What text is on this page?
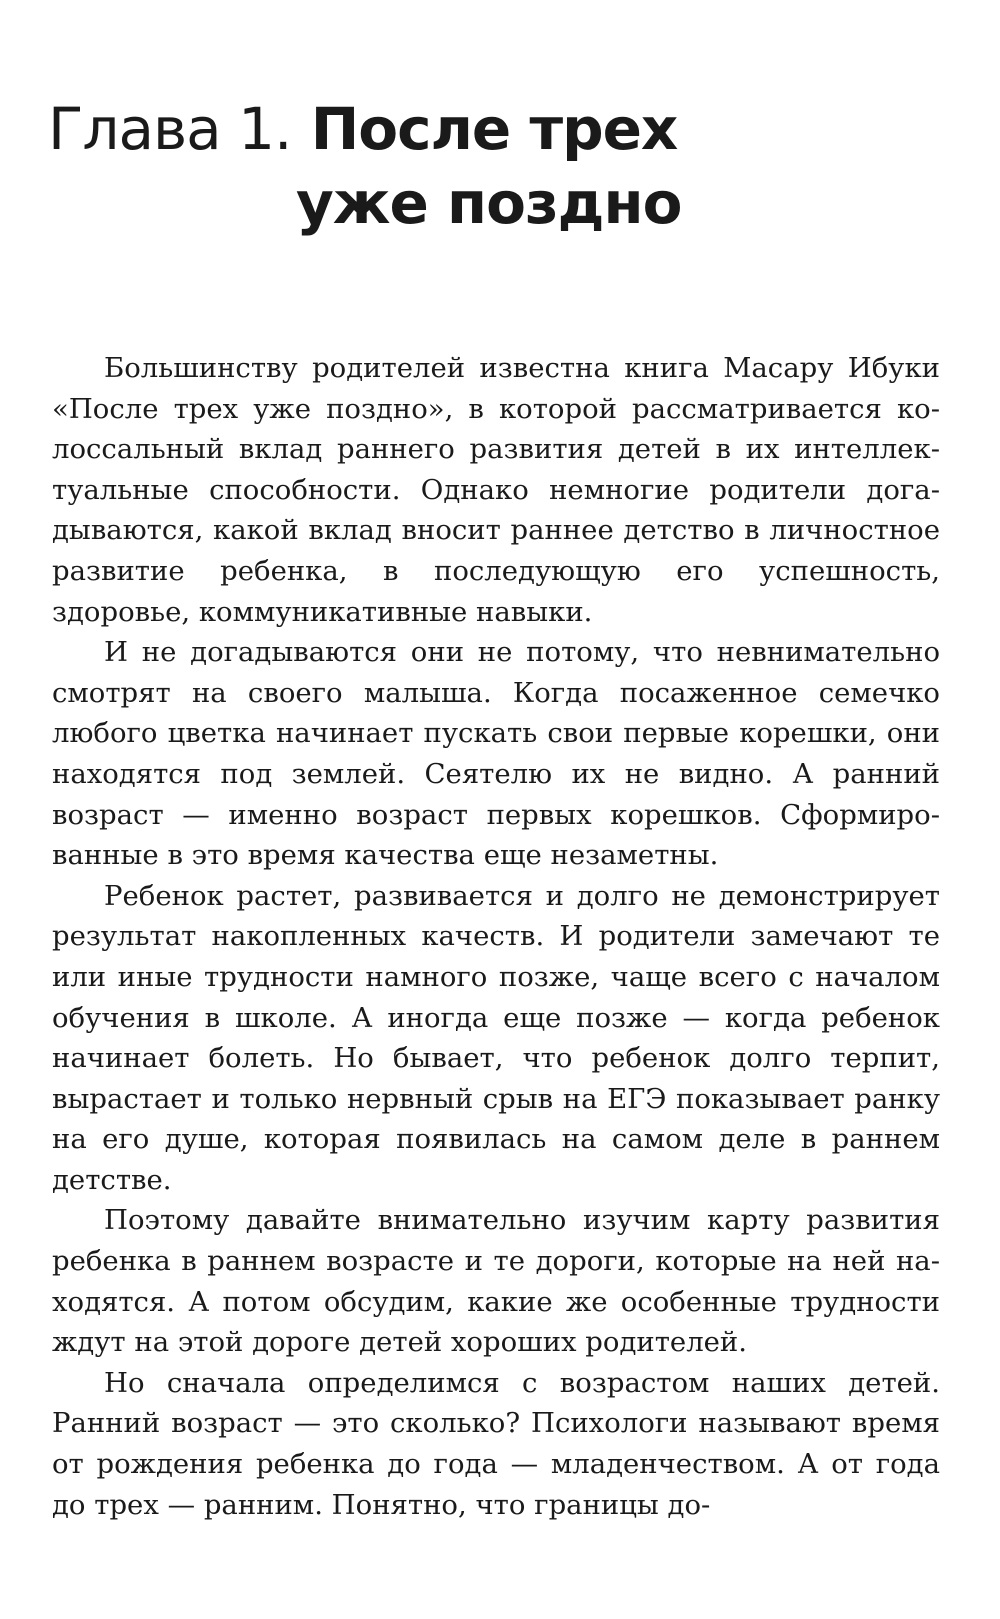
Глава 1. После трех
уже поздно

Большинству родителей известна книга Масару Ибуки «После трех уже поздно», в которой рассматривается колоссальный вклад раннего развития детей в их интеллектуальные способности. Однако немногие родители догадываются, какой вклад вносит раннее детство в личностное развитие ребенка, в последующую его успешность, здоровье, коммуникативные навыки.

И не догадываются они не потому, что невнимательно смотрят на своего малыша. Когда посаженное семечко любого цветка начинает пускать свои первые корешки, они находятся под землей. Сеятелю их не видно. А ранний возраст — именно возраст первых корешков. Сформированные в это время качества еще незаметны.

Ребенок растет, развивается и долго не демонстрирует результат накопленных качеств. И родители замечают те или иные трудности намного позже, чаще всего с началом обучения в школе. А иногда еще позже — когда ребенок начинает болеть. Но бывает, что ребенок долго терпит, вырастает и только нервный срыв на ЕГЭ показывает ранку на его душе, которая появилась на самом деле в раннем детстве.

Поэтому давайте внимательно изучим карту развития ребенка в раннем возрасте и те дороги, которые на ней находятся. А потом обсудим, какие же особенные трудности ждут на этой дороге детей хороших родителей.

Но сначала определимся с возрастом наших детей. Ранний возраст — это сколько? Психологи называют время от рождения ребенка до года — младенчеством. А от года до трех — ранним. Понятно, что границы до-
